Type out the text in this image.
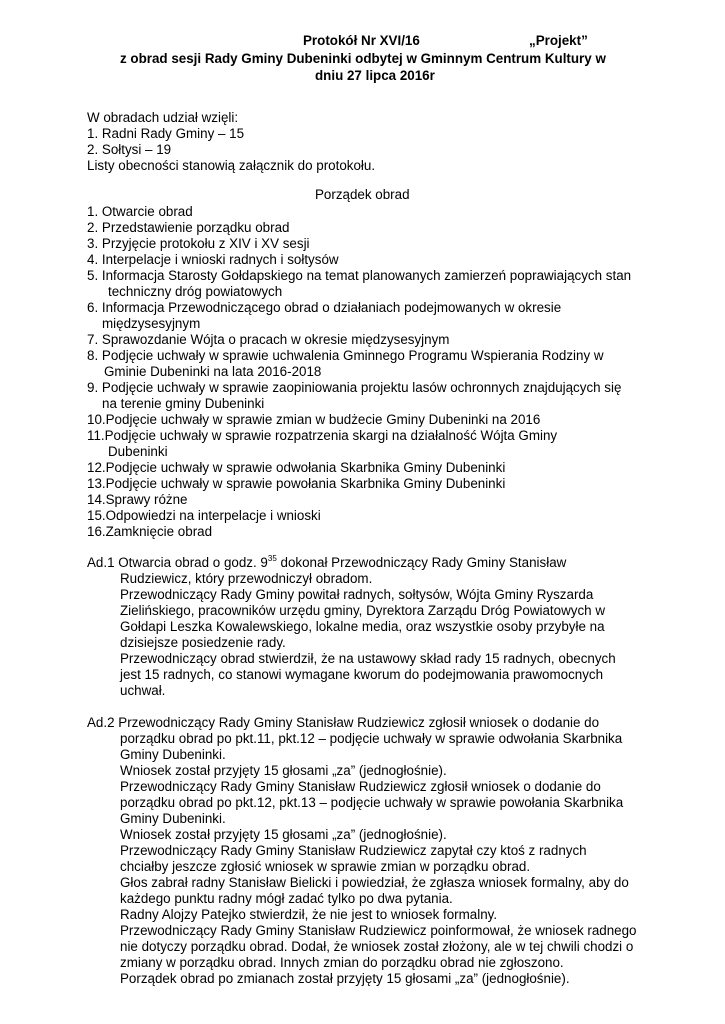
Protokół Nr XVI/16	„Projekt”
z obrad sesji Rady Gminy Dubeninki odbytej w Gminnym Centrum Kultury w
dniu 27 lipca 2016r
W obradach udział wzięli:
1. Radni Rady Gminy – 15
2. Sołtysi – 19
Listy obecności stanowią załącznik do protokołu.
Porządek obrad
1. Otwarcie obrad
2. Przedstawienie porządku obrad
3. Przyjęcie protokołu z XIV i XV sesji
4. Interpelacje i wnioski radnych i sołtysów
5. Informacja Starosty Gołdapskiego na temat planowanych zamierzeń poprawiających stan
techniczny dróg powiatowych
6. Informacja Przewodniczącego obrad o działaniach podejmowanych w okresie
międzysesyjnym
7. Sprawozdanie Wójta o pracach w okresie międzysesyjnym
8. Podjęcie uchwały w sprawie uchwalenia Gminnego Programu Wspierania Rodziny w
Gminie Dubeninki na lata 2016-2018
9. Podjęcie uchwały w sprawie zaopiniowania projektu lasów ochronnych znajdujących się
na terenie gminy Dubeninki
10.Podjęcie uchwały w sprawie zmian w budżecie Gminy Dubeninki na 2016
11.Podjęcie uchwały w sprawie rozpatrzenia skargi na działalność Wójta Gminy
Dubeninki
12.Podjęcie uchwały w sprawie odwołania Skarbnika Gminy Dubeninki
13.Podjęcie uchwały w sprawie powołania Skarbnika Gminy Dubeninki
14.Sprawy różne
15.Odpowiedzi na interpelacje i wnioski
16.Zamknięcie obrad
Ad.1 Otwarcia obrad o godz. $9^{35}$ dokonał Przewodniczący Rady Gminy Stanisław
Rudziewicz, który przewodniczył obradom.
Przewodniczący Rady Gminy powitał radnych, sołtysów, Wójta Gminy Ryszarda
Zielińskiego, pracowników urzędu gminy, Dyrektora Zarządu Dróg Powiatowych w
Gołdapi Leszka Kowalewskiego, lokalne media, oraz wszystkie osoby przybyłe na
dzisiejsze posiedzenie rady.
Przewodniczący obrad stwierdził, że na ustawowy skład rady 15 radnych, obecnych
jest 15 radnych, co stanowi wymagane kworum do podejmowania prawomocnych
uchwał.
Ad.2 Przewodniczący Rady Gminy Stanisław Rudziewicz zgłosił wniosek o dodanie do
porządku obrad po pkt.11, pkt.12 – podjęcie uchwały w sprawie odwołania Skarbnika
Gminy Dubeninki.
Wniosek został przyjęty 15 głosami „za” (jednogłośnie).
Przewodniczący Rady Gminy Stanisław Rudziewicz zgłosił wniosek o dodanie do
porządku obrad po pkt.12, pkt.13 – podjęcie uchwały w sprawie powołania Skarbnika
Gminy Dubeninki.
Wniosek został przyjęty 15 głosami „za” (jednogłośnie).
Przewodniczący Rady Gminy Stanisław Rudziewicz zapytał czy ktoś z radnych
chciałby jeszcze zgłosić wniosek w sprawie zmian w porządku obrad.
Głos zabrał radny Stanisław Bielicki i powiedział, że zgłasza wniosek formalny, aby do
każdego punktu radny mógł zadać tylko po dwa pytania.
Radny Alojzy Patejko stwierdził, że nie jest to wniosek formalny.
Przewodniczący Rady Gminy Stanisław Rudziewicz poinformował, że wniosek radnego
nie dotyczy porządku obrad. Dodał, że wniosek został złożony, ale w tej chwili chodzi o
zmiany w porządku obrad. Innych zmian do porządku obrad nie zgłoszono.
Porządek obrad po zmianach został przyjęty 15 głosami „za” (jednogłośnie).
